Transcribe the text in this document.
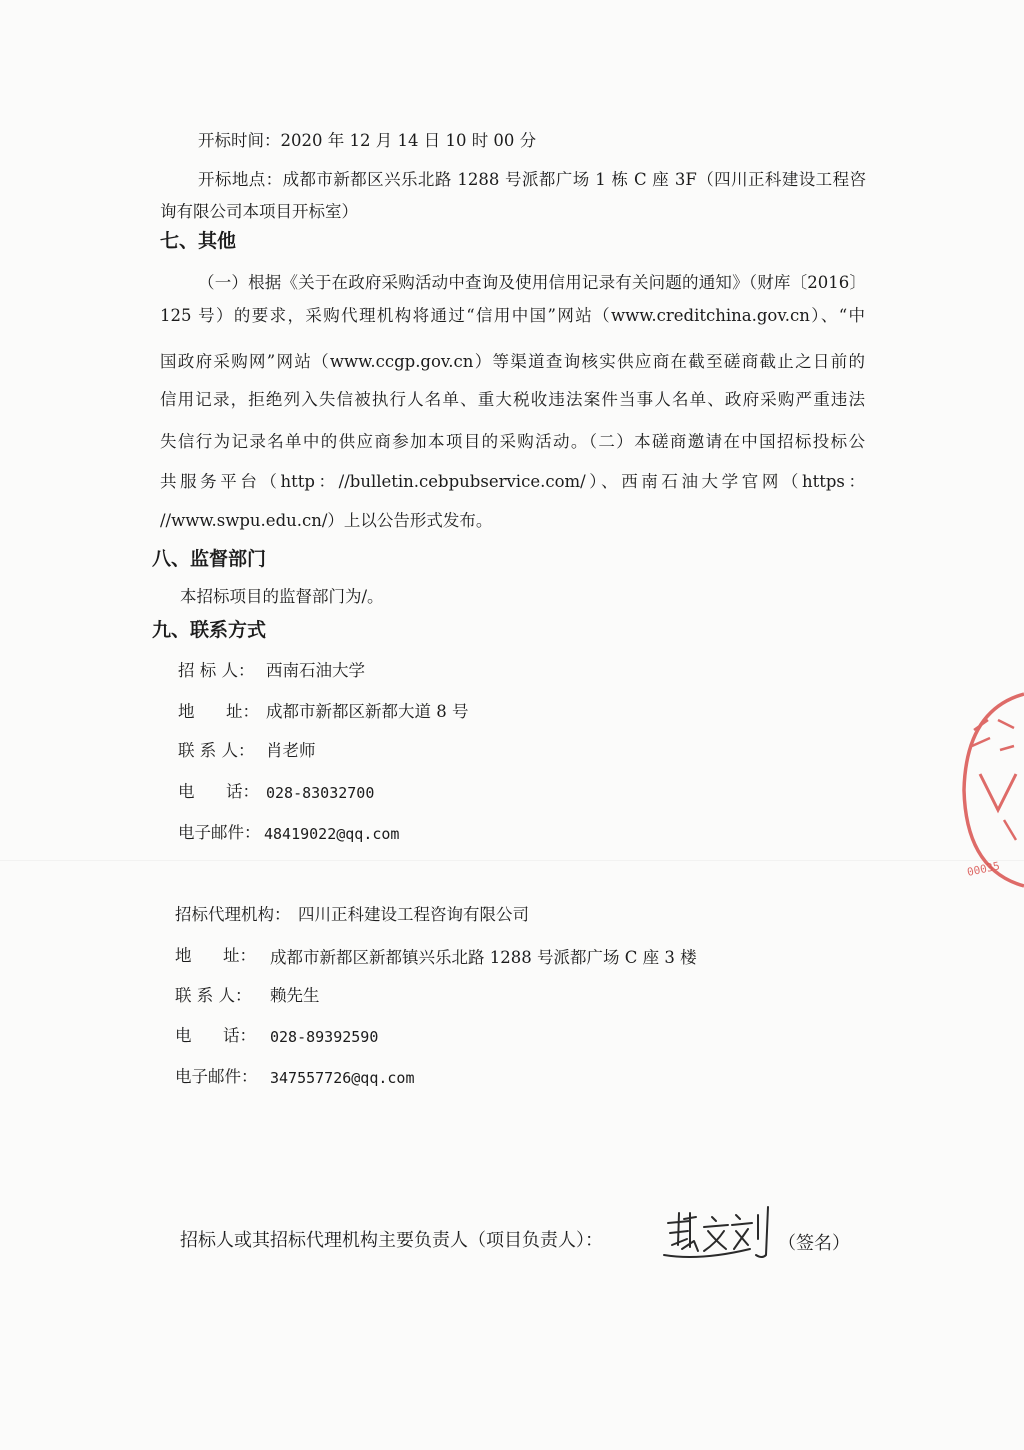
开标时间：2020 年 12 月 14 日 10 时 00 分
开标地点：成都市新都区兴乐北路 1288 号派都广场 1 栋 C 座 3F（四川正科建设工程咨
询有限公司本项目开标室）
七、其他
（一）根据《关于在政府采购活动中查询及使用信用记录有关问题的通知》（财库〔2016〕
125 号）的要求，采购代理机构将通过“信用中国”网站（www.creditchina.gov.cn）、“中
国政府采购网”网站（www.ccgp.gov.cn）等渠道查询核实供应商在截至磋商截止之日前的
信用记录，拒绝列入失信被执行人名单、重大税收违法案件当事人名单、政府采购严重违法
失信行为记录名单中的供应商参加本项目的采购活动。（二）本磋商邀请在中国招标投标公
共服务平台（http：//bulletin.cebpubservice.com/）、西南石油大学官网（https：
//www.swpu.edu.cn/）上以公告形式发布。
八、监督部门
本招标项目的监督部门为/。
九、联系方式
招 标 人： 西南石油大学
地      址： 成都市新都区新都大道 8 号
联 系 人： 肖老师
电      话： 028-83032700
电子邮件： 48419022@qq.com
招标代理机构： 四川正科建设工程咨询有限公司
地      址： 成都市新都区新都镇兴乐北路 1288 号派都广场 C 座 3 楼
联 系 人： 赖先生
电      话： 028-89392590
电子邮件： 347557726@qq.com
招标人或其招标代理机构主要负责人（项目负责人）：	（签名）
00035
